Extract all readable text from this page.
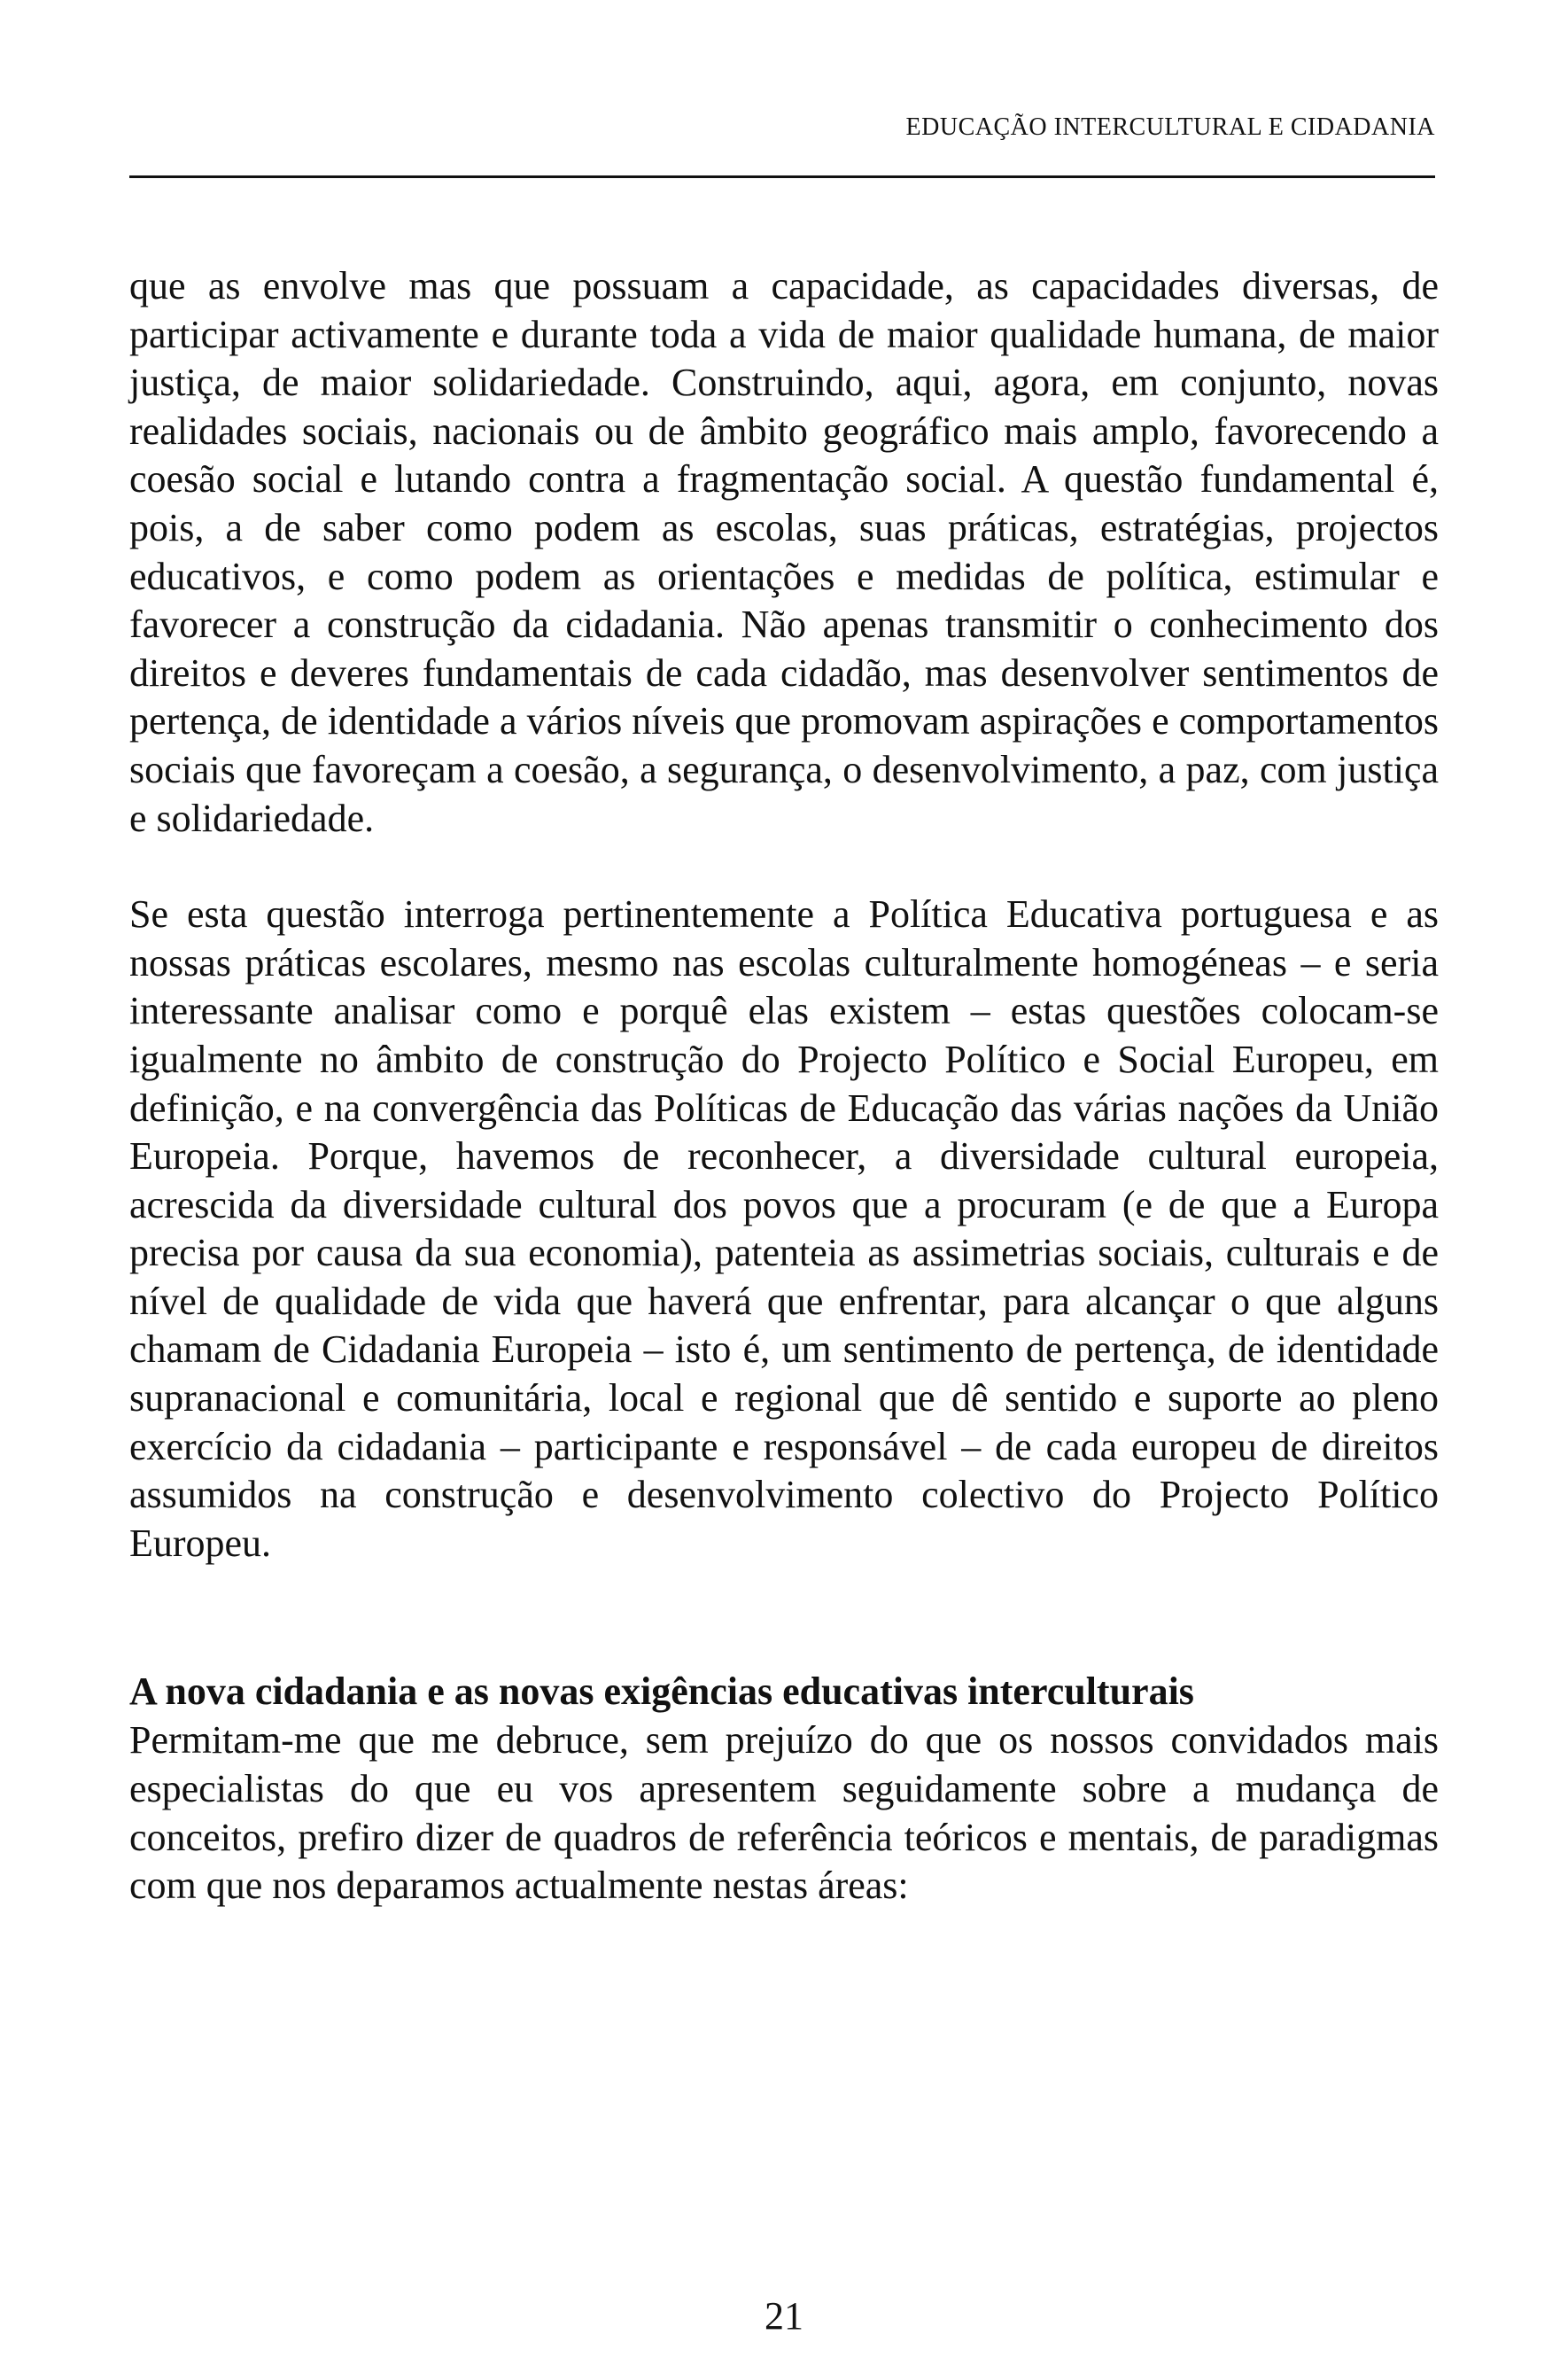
EDUCAÇÃO INTERCULTURAL E CIDADANIA

que as envolve mas que possuam a capacidade, as capacidades diversas, de participar activamente e durante toda a vida de maior qualidade humana, de maior justiça, de maior solidariedade. Construindo, aqui, agora, em conjunto, novas realidades sociais, nacionais ou de âmbito geográfico mais amplo, favorecendo a coesão social e lutando contra a fragmentação social. A questão fundamental é, pois, a de saber como podem as escolas, suas práticas, estratégias, projectos educativos, e como podem as orientações e medidas de política, estimular e favorecer a construção da cidadania. Não apenas transmitir o conhecimento dos direitos e deveres fundamentais de cada cidadão, mas desenvolver sentimentos de pertença, de identidade a vários níveis que promovam aspirações e comportamentos sociais que favoreçam a coesão, a segurança, o desenvolvimento, a paz, com justiça e solidariedade.

Se esta questão interroga pertinentemente a Política Educativa portuguesa e as nossas práticas escolares, mesmo nas escolas culturalmente homogéneas – e seria interessante analisar como e porquê elas existem – estas questões colocam-se igualmente no âmbito de construção do Projecto Político e Social Europeu, em definição, e na convergência das Políticas de Educação das várias nações da União Europeia. Porque, havemos de reconhecer, a diversidade cultural europeia, acrescida da diversidade cultural dos povos que a procuram (e de que a Europa precisa por causa da sua economia), patenteia as assimetrias sociais, culturais e de nível de qualidade de vida que haverá que enfrentar, para alcançar o que alguns chamam de Cidadania Europeia – isto é, um sentimento de pertença, de identidade supranacional e comunitária, local e regional que dê sentido e suporte ao pleno exercício da cidadania – participante e responsável – de cada europeu de direitos assumidos na construção e desenvolvimento colectivo do Projecto Político Europeu.

A nova cidadania e as novas exigências educativas interculturais

Permitam-me que me debruce, sem prejuízo do que os nossos convidados mais especialistas do que eu vos apresentem seguidamente sobre a mudança de conceitos, prefiro dizer de quadros de referência teóricos e mentais, de paradigmas com que nos deparamos actualmente nestas áreas:

21
